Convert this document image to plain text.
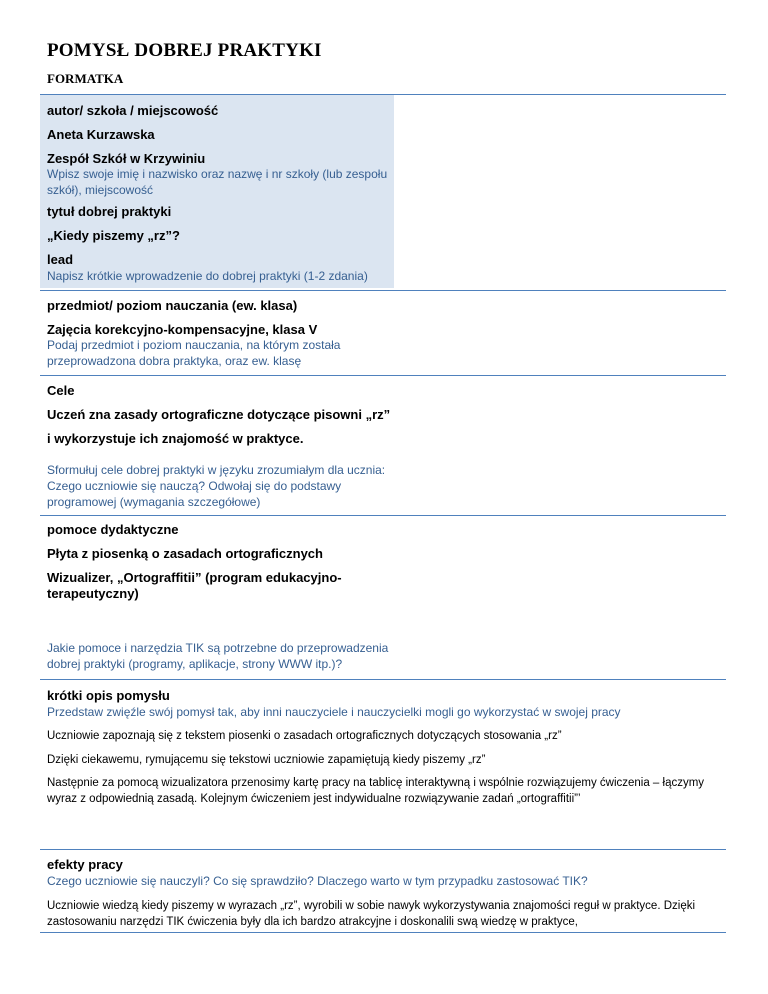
POMYSŁ DOBREJ PRAKTYKI
FORMATKA
autor/ szkoła / miejscowość
Aneta Kurzawska
Zespół Szkół w Krzywiniu
Wpisz swoje imię i nazwisko oraz nazwę i nr szkoły (lub zespołu
szkół), miejscowość
tytuł dobrej praktyki
„Kiedy piszemy „rz”?
lead
Napisz krótkie wprowadzenie do dobrej praktyki (1-2 zdania)
przedmiot/ poziom nauczania (ew. klasa)
Zajęcia korekcyjno-kompensacyjne, klasa V
Podaj przedmiot i poziom nauczania, na którym została
przeprowadzona dobra praktyka, oraz ew. klasę
Cele
Uczeń zna zasady ortograficzne dotyczące pisowni „rz”
i wykorzystuje ich znajomość w praktyce.
Sformułuj cele dobrej praktyki w języku zrozumiałym dla ucznia:
Czego uczniowie się nauczą? Odwołaj się do podstawy
programowej (wymagania szczegółowe)
pomoce dydaktyczne
Płyta z piosenką o zasadach ortograficznych
Wizualizer, „Ortograffitii” (program edukacyjno-
terapeutyczny)
Jakie pomoce i narzędzia TIK są potrzebne do przeprowadzenia
dobrej praktyki (programy, aplikacje, strony WWW itp.)?
krótki opis pomysłu
Przedstaw zwięźle swój pomysł tak, aby inni nauczyciele i nauczycielki mogli go wykorzystać w swojej pracy
Uczniowie zapoznają się z tekstem piosenki o zasadach ortograficznych dotyczących stosowania „rz”
Dzięki ciekawemu, rymującemu się tekstowi uczniowie zapamiętują kiedy piszemy „rz”
Następnie za pomocą wizualizatora przenosimy kartę pracy na tablicę interaktywną i wspólnie rozwiązujemy ćwiczenia – łączymy
wyraz z odpowiednią zasadą. Kolejnym ćwiczeniem jest indywidualne rozwiązywanie zadań „ortograffitii”’
efekty pracy
Czego uczniowie się nauczyli? Co się sprawdziło? Dlaczego warto w tym przypadku zastosować TIK?
Uczniowie wiedzą kiedy piszemy w wyrazach „rz”, wyrobili w sobie nawyk wykorzystywania znajomości reguł w praktyce. Dzięki
zastosowaniu narzędzi TIK ćwiczenia były dla ich bardzo atrakcyjne i doskonalili swą wiedzę w praktyce,
